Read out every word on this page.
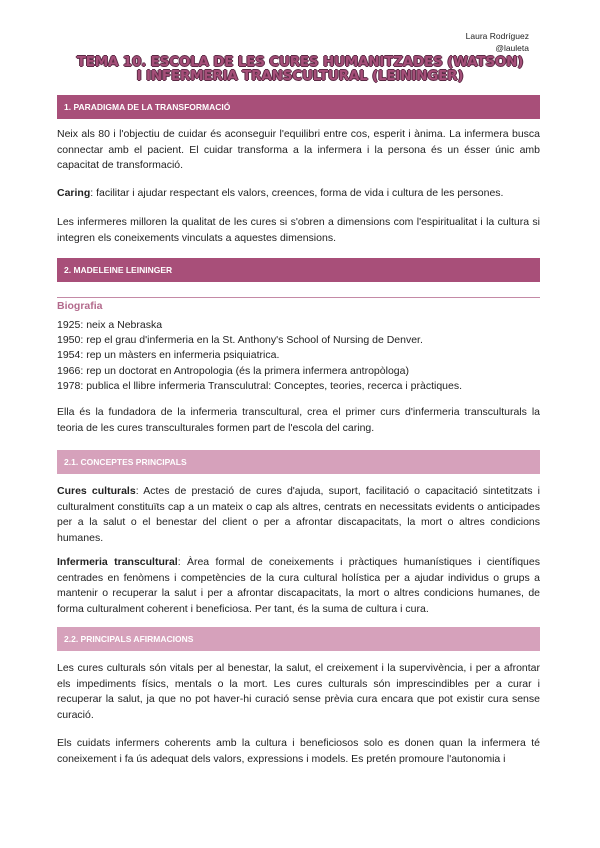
Laura Rodríguez
@lauleta
TEMA 10. ESCOLA DE LES CURES HUMANITZADES (WATSON)
I INFERMERIA TRANSCULTURAL (LEININGER)
1. PARADIGMA DE LA TRANSFORMACIÓ

Neix als 80 i l'objectiu de cuidar és aconseguir l'equilibri entre cos, esperit i ànima. La infermera busca connectar amb el pacient. El cuidar transforma a la infermera i la persona és un ésser únic amb capacitat de transformació.

Caring: facilitar i ajudar respectant els valors, creences, forma de vida i cultura de les persones.

Les infermeres milloren la qualitat de les cures si s'obren a dimensions com l'espiritualitat i la cultura si integren els coneixements vinculats a aquestes dimensions.

2. MADELEINE LEININGER
Biografia
1925: neix a Nebraska
1950: rep el grau d'infermeria en la St. Anthony's School of Nursing de Denver.
1954: rep un màsters en infermeria psiquiatrica.
1966: rep un doctorat en Antropologia (és la primera infermera antropòloga)
1978: publica el llibre infermeria Transculutral: Conceptes, teories, recerca i pràctiques.

Ella és la fundadora de la infermeria transcultural, crea el primer curs d'infermeria transculturals la teoria de les cures transculturales formen part de l'escola del caring.

2.1. CONCEPTES PRINCIPALS

Cures culturals: Actes de prestació de cures d'ajuda, suport, facilitació o capacitació sintetitzats i culturalment constituïts cap a un mateix o cap als altres, centrats en necessitats evidents o anticipades per a la salut o el benestar del client o per a afrontar discapacitats, la mort o altres condicions humanes.

Infermeria transcultural: Àrea formal de coneixements i pràctiques humanístiques i científiques centrades en fenòmens i competències de la cura cultural holística per a ajudar individus o grups a mantenir o recuperar la salut i per a afrontar discapacitats, la mort o altres condicions humanes, de forma culturalment coherent i beneficiosa. Per tant, és la suma de cultura i cura.

2.2. PRINCIPALS AFIRMACIONS

Les cures culturals són vitals per al benestar, la salut, el creixement i la supervivència, i per a afrontar els impediments físics, mentals o la mort. Les cures culturals són imprescindibles per a curar i recuperar la salut, ja que no pot haver-hi curació sense prèvia cura encara que pot existir cura sense curació.

Els cuidats infermers coherents amb la cultura i beneficiosos solo es donen quan la infermera té coneixement i fa ús adequat dels valors, expressions i models. Es pretén promoure l'autonomia i
